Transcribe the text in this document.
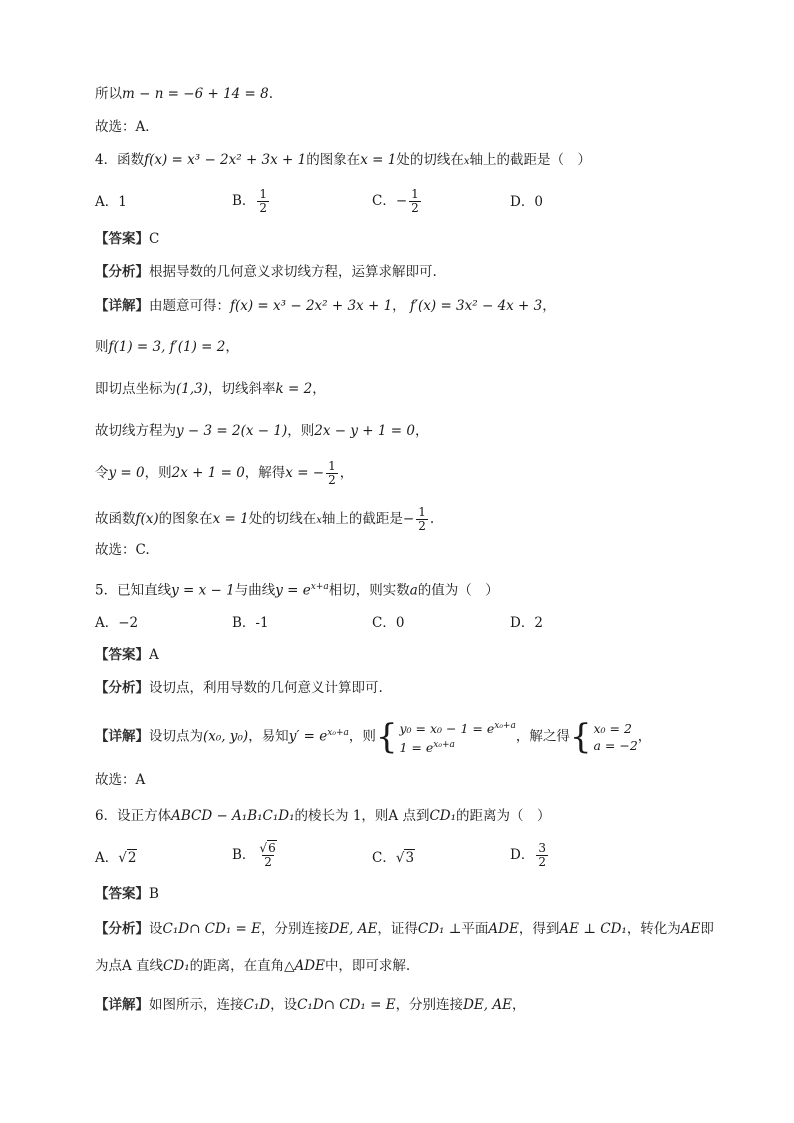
所以m − n = −6 + 14 = 8.
故选：A．
4．函数f(x) = x³ − 2x² + 3x + 1的图象在x = 1处的切线在x轴上的截距是（　）
A．1	B． $\frac{1}{2}$	C．− $\frac{1}{2}$	D．0
【答案】C
【分析】根据导数的几何意义求切线方程，运算求解即可.
【详解】由题意可得：f(x) = x³ − 2x² + 3x + 1， f′(x) = 3x² − 4x + 3，
则f(1) = 3, f′(1) = 2，
即切点坐标为(1,3)，切线斜率k = 2，
故切线方程为y − 3 = 2(x − 1)，则2x − y + 1 = 0，
令y = 0，则2x + 1 = 0，解得x = − $\frac{1}{2}$ ，
故函数f(x)的图象在x = 1处的切线在x轴上的截距是− $\frac{1}{2}$ .
故选：C.
5．已知直线y = x − 1与曲线$y = e^{x+a}$相切，则实数a的值为（　）
A．−2	B．-1	C．0	D．2
【答案】A
【分析】设切点，利用导数的几何意义计算即可.
【详解】设切点为(x₀, y₀)，易知$y' = e^{x_0+a}$，则 { $y_0 = x_0 - 1 = e^{x_0+a}$
$1 = e^{x_0+a}$
，解之得 { x₀ = 2
a = −2
，
故选：A
6．设正方体ABCD − A₁B₁C₁D₁的棱长为 1，则A 点到CD₁的距离为（　）
A．√2	B． $\frac{√6}{2}$	C．√3	D． $\frac{3}{2}$
【答案】B
【分析】设C₁D∩ CD₁ = E，分别连接DE, AE，证得CD₁ ⊥平面ADE，得到AE ⊥ CD₁，转化为AE即
为点A 直线CD₁的距离，在直角△ADE中，即可求解.
【详解】如图所示，连接C₁D，设C₁D∩ CD₁ = E，分别连接DE, AE，
